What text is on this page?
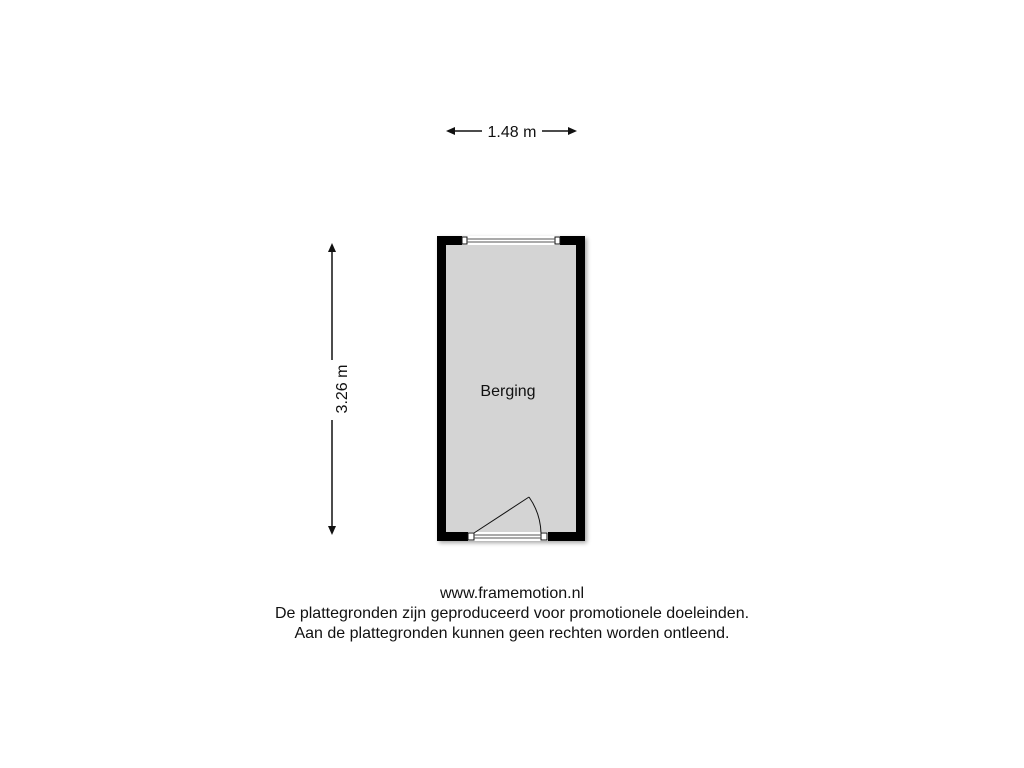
1.48 m
3.26 m	Berging
www.framemotion.nl
De plattegronden zijn geproduceerd voor promotionele doeleinden.
Aan de plattegronden kunnen geen rechten worden ontleend.
